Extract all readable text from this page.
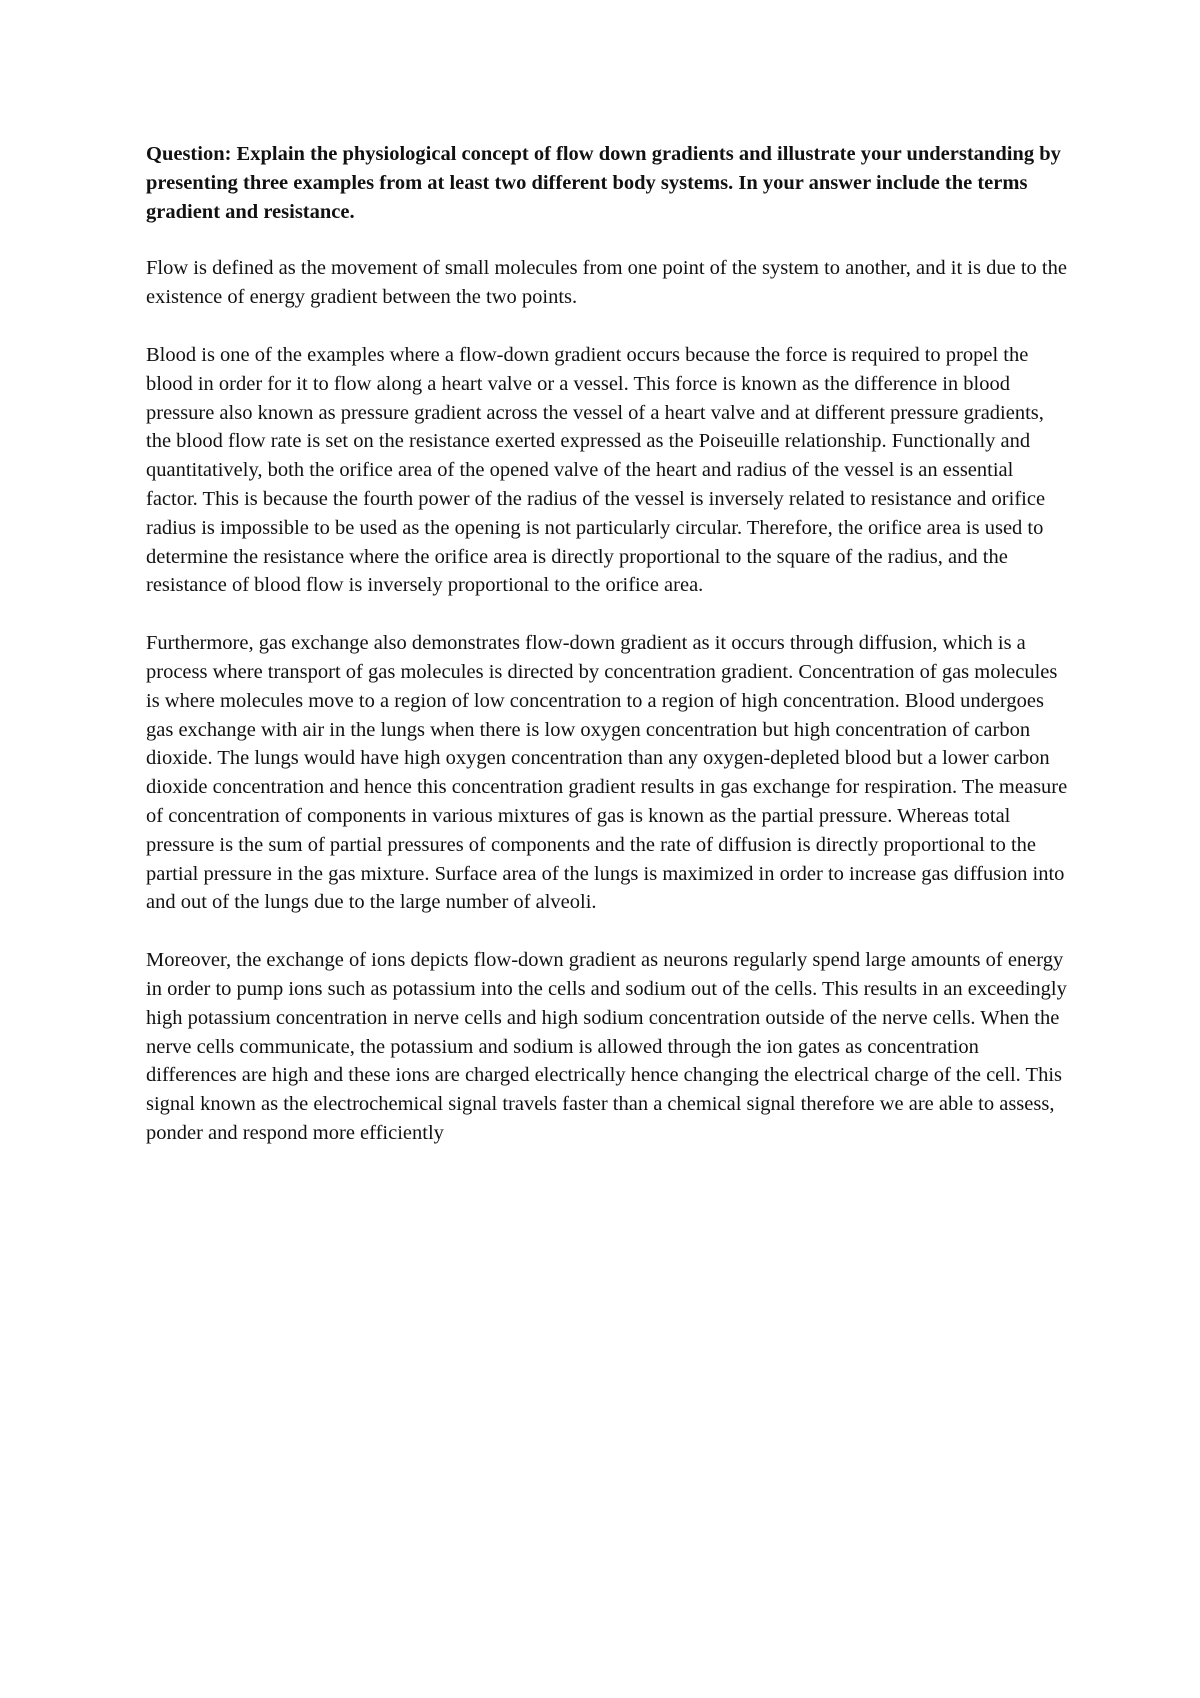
Question: Explain the physiological concept of flow down gradients and illustrate your understanding by presenting three examples from at least two different body systems. In your answer include the terms gradient and resistance.

Flow is defined as the movement of small molecules from one point of the system to another, and it is due to the existence of energy gradient between the two points.

Blood is one of the examples where a flow-down gradient occurs because the force is required to propel the blood in order for it to flow along a heart valve or a vessel. This force is known as the difference in blood pressure also known as pressure gradient across the vessel of a heart valve and at different pressure gradients, the blood flow rate is set on the resistance exerted expressed as the Poiseuille relationship. Functionally and quantitatively, both the orifice area of the opened valve of the heart and radius of the vessel is an essential factor. This is because the fourth power of the radius of the vessel is inversely related to resistance and orifice radius is impossible to be used as the opening is not particularly circular. Therefore, the orifice area is used to determine the resistance where the orifice area is directly proportional to the square of the radius, and the resistance of blood flow is inversely proportional to the orifice area.

Furthermore, gas exchange also demonstrates flow-down gradient as it occurs through diffusion, which is a process where transport of gas molecules is directed by concentration gradient. Concentration of gas molecules is where molecules move to a region of low concentration to a region of high concentration. Blood undergoes gas exchange with air in the lungs when there is low oxygen concentration but high concentration of carbon dioxide. The lungs would have high oxygen concentration than any oxygen-depleted blood but a lower carbon dioxide concentration and hence this concentration gradient results in gas exchange for respiration. The measure of concentration of components in various mixtures of gas is known as the partial pressure. Whereas total pressure is the sum of partial pressures of components and the rate of diffusion is directly proportional to the partial pressure in the gas mixture. Surface area of the lungs is maximized in order to increase gas diffusion into and out of the lungs due to the large number of alveoli.

Moreover, the exchange of ions depicts flow-down gradient as neurons regularly spend large amounts of energy in order to pump ions such as potassium into the cells and sodium out of the cells. This results in an exceedingly high potassium concentration in nerve cells and high sodium concentration outside of the nerve cells. When the nerve cells communicate, the potassium and sodium is allowed through the ion gates as concentration differences are high and these ions are charged electrically hence changing the electrical charge of the cell. This signal known as the electrochemical signal travels faster than a chemical signal therefore we are able to assess, ponder and respond more efficiently
